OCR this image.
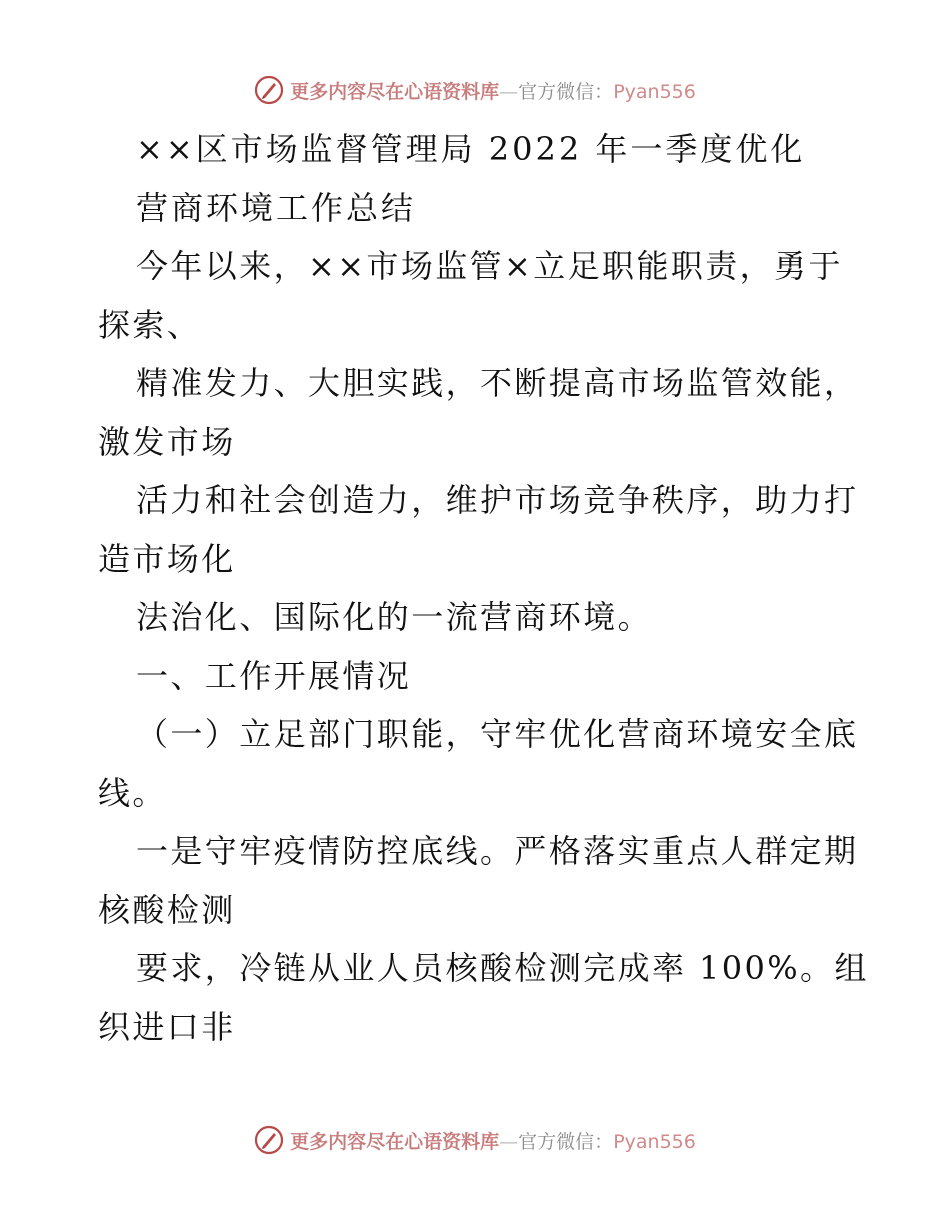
更多内容尽在心语资料库—官方微信：Pyan556
××区市场监督管理局 2022 年一季度优化
营商环境工作总结
今年以来，××市场监管×立足职能职责，勇于
探索、
精准发力、大胆实践，不断提高市场监管效能，
激发市场
活力和社会创造力，维护市场竞争秩序，助力打
造市场化
法治化、国际化的一流营商环境。
一、工作开展情况
（一）立足部门职能，守牢优化营商环境安全底
线。
一是守牢疫情防控底线。严格落实重点人群定期
核酸检测
要求，冷链从业人员核酸检测完成率 100%。组
织进口非
更多内容尽在心语资料库—官方微信：Pyan556
